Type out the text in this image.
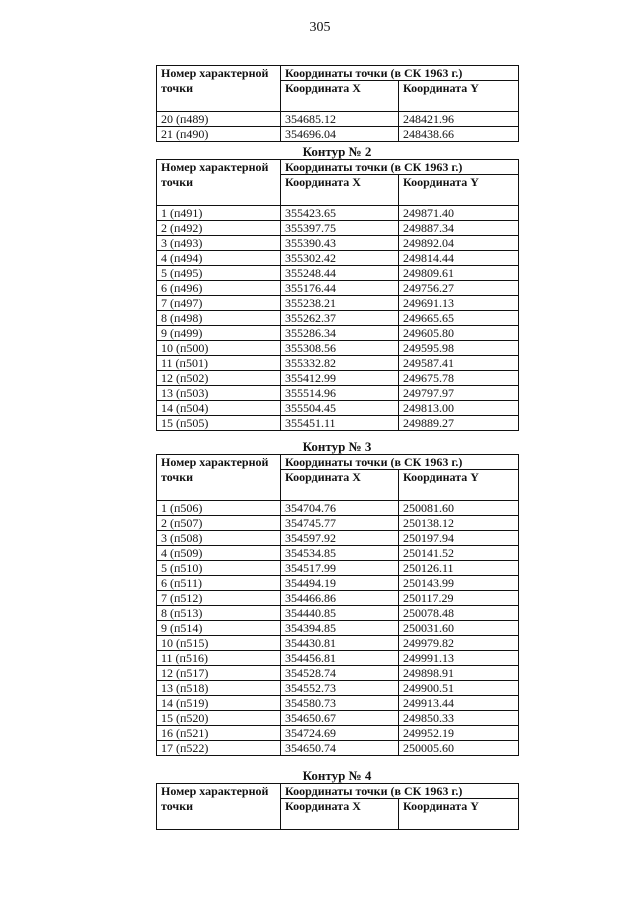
305
Номер характерной точки	Координаты точки (в СК 1963 г.)	
	Координата X	Координата Y
20 (п489)	354685.12	248421.96
21 (п490)	354696.04	248438.66
Контур № 2
Номер характерной точки	Координаты точки (в СК 1963 г.)	
	Координата X	Координата Y
1 (п491)	355423.65	249871.40
2 (п492)	355397.75	249887.34
3 (п493)	355390.43	249892.04
4 (п494)	355302.42	249814.44
5 (п495)	355248.44	249809.61
6 (п496)	355176.44	249756.27
7 (п497)	355238.21	249691.13
8 (п498)	355262.37	249665.65
9 (п499)	355286.34	249605.80
10 (п500)	355308.56	249595.98
11 (п501)	355332.82	249587.41
12 (п502)	355412.99	249675.78
13 (п503)	355514.96	249797.97
14 (п504)	355504.45	249813.00
15 (п505)	355451.11	249889.27
Контур № 3
Номер характерной точки	Координаты точки (в СК 1963 г.)	
	Координата X	Координата Y
1 (п506)	354704.76	250081.60
2 (п507)	354745.77	250138.12
3 (п508)	354597.92	250197.94
4 (п509)	354534.85	250141.52
5 (п510)	354517.99	250126.11
6 (п511)	354494.19	250143.99
7 (п512)	354466.86	250117.29
8 (п513)	354440.85	250078.48
9 (п514)	354394.85	250031.60
10 (п515)	354430.81	249979.82
11 (п516)	354456.81	249991.13
12 (п517)	354528.74	249898.91
13 (п518)	354552.73	249900.51
14 (п519)	354580.73	249913.44
15 (п520)	354650.67	249850.33
16 (п521)	354724.69	249952.19
17 (п522)	354650.74	250005.60
Контур № 4
Номер характерной точки	Координаты точки (в СК 1963 г.)	
	Координата X	Координата Y
